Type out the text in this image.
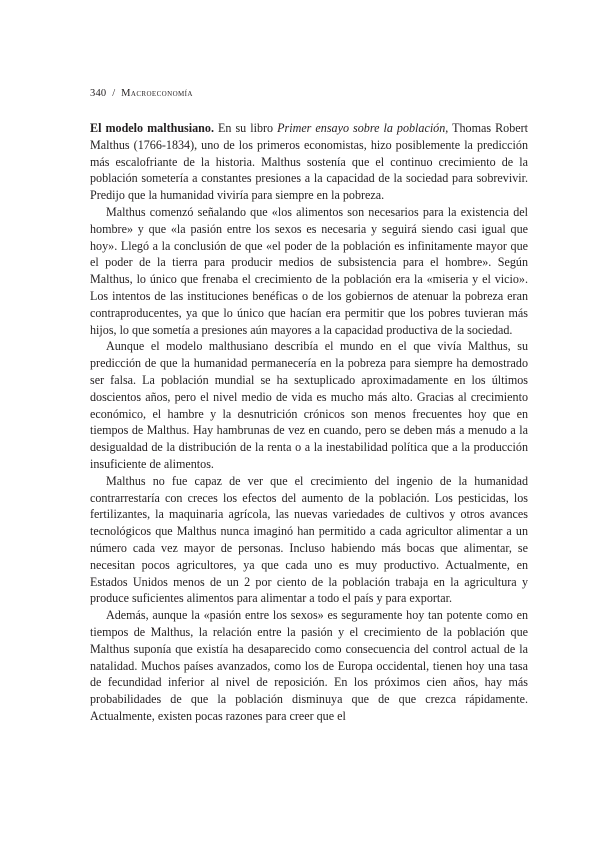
340 / Macroeconomía

El modelo malthusiano. En su libro Primer ensayo sobre la población, Thomas Robert Malthus (1766-1834), uno de los primeros economistas, hizo posiblemente la predicción más escalofriante de la historia. Malthus sostenía que el continuo crecimiento de la población sometería a constantes presiones a la capacidad de la sociedad para sobrevivir. Predijo que la humanidad viviría para siempre en la pobreza.

Malthus comenzó señalando que «los alimentos son necesarios para la existencia del hombre» y que «la pasión entre los sexos es necesaria y seguirá siendo casi igual que hoy». Llegó a la conclusión de que «el poder de la población es infinitamente mayor que el poder de la tierra para producir medios de subsistencia para el hombre». Según Malthus, lo único que frenaba el crecimiento de la población era la «miseria y el vicio». Los intentos de las instituciones benéficas o de los gobiernos de atenuar la pobreza eran contraproducentes, ya que lo único que hacían era permitir que los pobres tuvieran más hijos, lo que sometía a presiones aún mayores a la capacidad productiva de la sociedad.

Aunque el modelo malthusiano describía el mundo en el que vivía Malthus, su predicción de que la humanidad permanecería en la pobreza para siempre ha demostrado ser falsa. La población mundial se ha sextuplicado aproximadamente en los últimos doscientos años, pero el nivel medio de vida es mucho más alto. Gracias al crecimiento económico, el hambre y la desnutrición crónicos son menos frecuentes hoy que en tiempos de Malthus. Hay hambrunas de vez en cuando, pero se deben más a menudo a la desigualdad de la distribución de la renta o a la inestabilidad política que a la producción insuficiente de alimentos.

Malthus no fue capaz de ver que el crecimiento del ingenio de la humanidad contrarrestaría con creces los efectos del aumento de la población. Los pesticidas, los fertilizantes, la maquinaria agrícola, las nuevas variedades de cultivos y otros avances tecnológicos que Malthus nunca imaginó han permitido a cada agricultor alimentar a un número cada vez mayor de personas. Incluso habiendo más bocas que alimentar, se necesitan pocos agricultores, ya que cada uno es muy productivo. Actualmente, en Estados Unidos menos de un 2 por ciento de la población trabaja en la agricultura y produce suficientes alimentos para alimentar a todo el país y para exportar.

Además, aunque la «pasión entre los sexos» es seguramente hoy tan potente como en tiempos de Malthus, la relación entre la pasión y el crecimiento de la población que Malthus suponía que existía ha desaparecido como consecuencia del control actual de la natalidad. Muchos países avanzados, como los de Europa occidental, tienen hoy una tasa de fecundidad inferior al nivel de reposición. En los próximos cien años, hay más probabilidades de que la población disminuya que de que crezca rápidamente. Actualmente, existen pocas razones para creer que el
